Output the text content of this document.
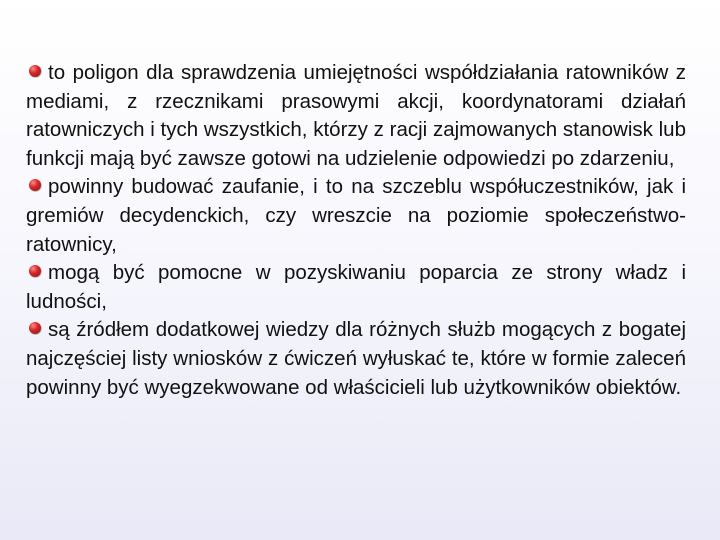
to poligon dla sprawdzenia umiejętności współdziałania ratowników z mediami, z rzecznikami prasowymi akcji, koordynatorami działań ratowniczych i tych wszystkich, którzy z racji zajmowanych stanowisk lub funkcji mają być zawsze gotowi na udzielenie odpowiedzi po zdarzeniu,

powinny budować zaufanie, i to na szczeblu współuczestników, jak i gremiów decydenckich, czy wreszcie na poziomie społeczeństwo-ratownicy,

mogą być pomocne w pozyskiwaniu poparcia ze strony władz i ludności,

są źródłem dodatkowej wiedzy dla różnych służb mogących z bogatej najczęściej listy wniosków z ćwiczeń wyłuskać te, które w formie zaleceń powinny być wyegzekwowane od właścicieli lub użytkowników obiektów.
